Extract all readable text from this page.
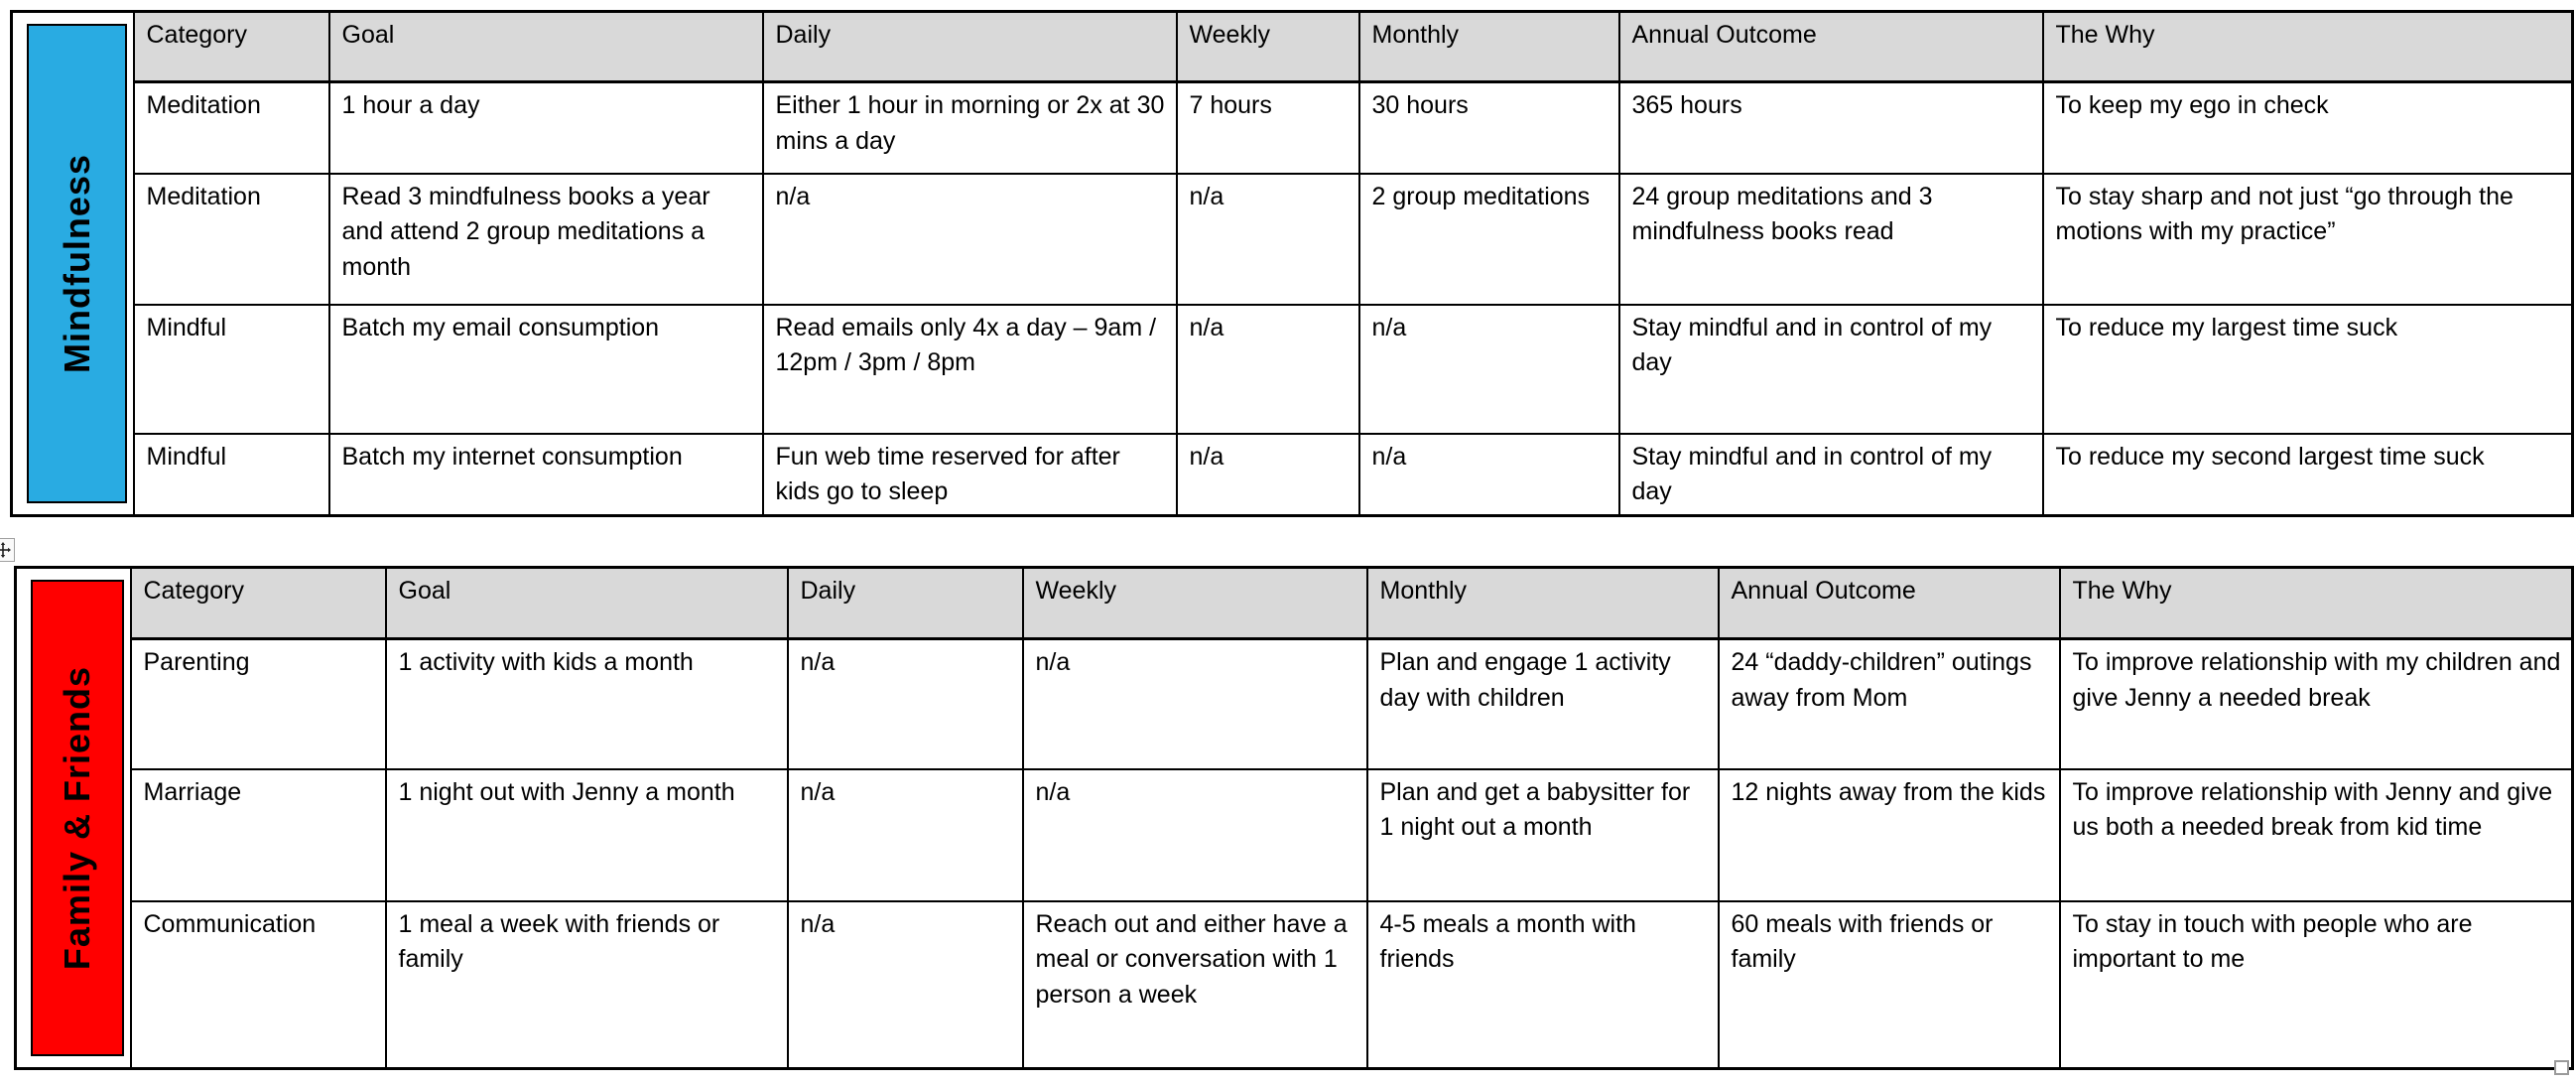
Mindfulness	Category	Goal	Daily	Weekly	Monthly	Annual Outcome	The Why
	Meditation	1 hour a day	Either 1 hour in morning or 2x at 30 mins a day	7 hours	30 hours	365 hours	To keep my ego in check
	Meditation	Read 3 mindfulness books a year and attend 2 group meditations a month	n/a	n/a	2 group meditations	24 group meditations and 3 mindfulness books read	To stay sharp and not just “go through the motions with my practice”
	Mindful	Batch my email consumption	Read emails only 4x a day – 9am / 12pm / 3pm / 8pm	n/a	n/a	Stay mindful and in control of my day	To reduce my largest time suck
	Mindful	Batch my internet consumption	Fun web time reserved for after kids go to sleep	n/a	n/a	Stay mindful and in control of my day	To reduce my second largest time suck
Family & Friends	Category	Goal	Daily	Weekly	Monthly	Annual Outcome	The Why
	Parenting	1 activity with kids a month	n/a	n/a	Plan and engage 1 activity day with children	24 “daddy-children” outings away from Mom	To improve relationship with my children and give Jenny a needed break
	Marriage	1 night out with Jenny a month	n/a	n/a	Plan and get a babysitter for 1 night out a month	12 nights away from the kids	To improve relationship with Jenny and give us both a needed break from kid time
	Communication	1 meal a week with friends or family	n/a	Reach out and either have a meal or conversation with 1 person a week	4-5 meals a month with friends	60 meals with friends or family	To stay in touch with people who are important to me
